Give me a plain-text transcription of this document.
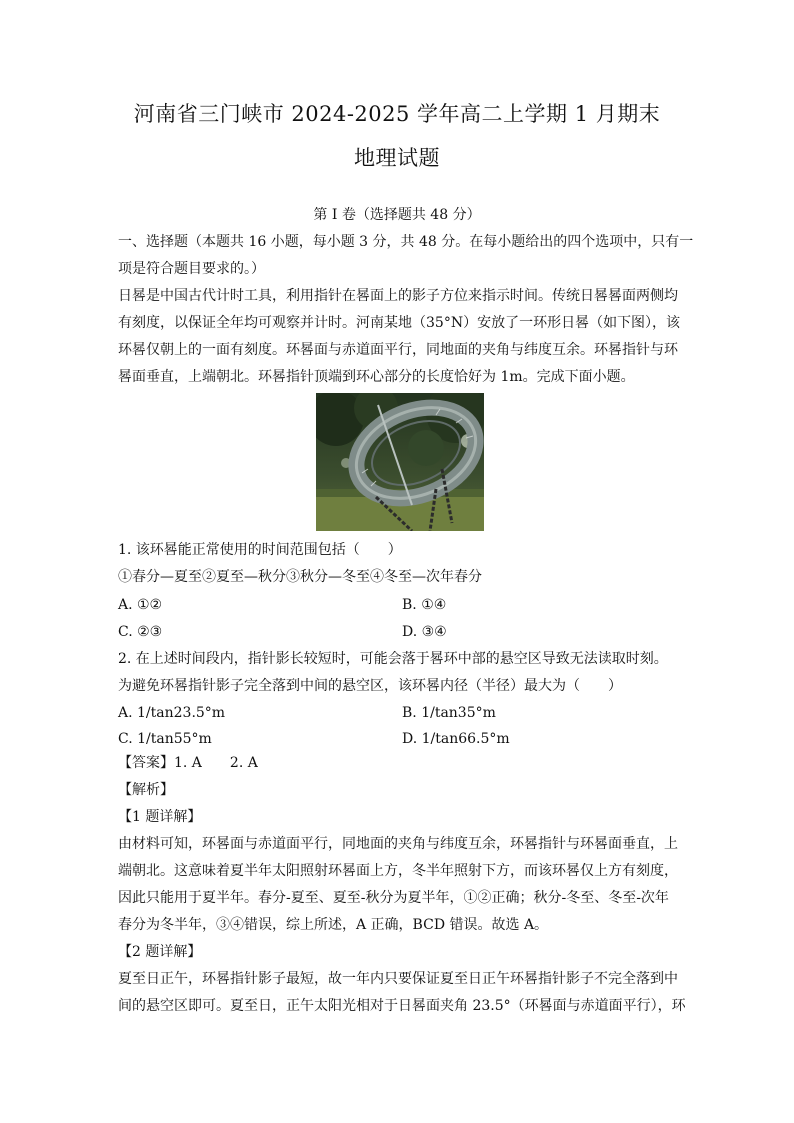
河南省三门峡市 2024-2025 学年高二上学期 1 月期末
地理试题
第 I 卷（选择题共 48 分）
一、选择题（本题共 16 小题，每小题 3 分，共 48 分。在每小题给出的四个选项中，只有一
项是符合题目要求的。）
日晷是中国古代计时工具，利用指针在晷面上的影子方位来指示时间。传统日晷晷面两侧均
有刻度，以保证全年均可观察并计时。河南某地（35°N）安放了一环形日晷（如下图），该
环晷仅朝上的一面有刻度。环晷面与赤道面平行，同地面的夹角与纬度互余。环晷指针与环
晷面垂直，上端朝北。环晷指针顶端到环心部分的长度恰好为 1m。完成下面小题。
1. 该环晷能正常使用的时间范围包括（　　）
①春分—夏至②夏至—秋分③秋分—冬至④冬至—次年春分
A. ①②	B. ①④
C. ②③	D. ③④
2. 在上述时间段内，指针影长较短时，可能会落于晷环中部的悬空区导致无法读取时刻。
为避免环晷指针影子完全落到中间的悬空区，该环晷内径（半径）最大为（　　）
A. 1/tan23.5°m	B. 1/tan35°m
C. 1/tan55°m	D. 1/tan66.5°m
【答案】1. A　　2. A
【解析】
【1 题详解】
由材料可知，环晷面与赤道面平行，同地面的夹角与纬度互余，环晷指针与环晷面垂直，上
端朝北。这意味着夏半年太阳照射环晷面上方，冬半年照射下方，而该环晷仅上方有刻度，
因此只能用于夏半年。春分-夏至、夏至-秋分为夏半年，①②正确；秋分-冬至、冬至-次年
春分为冬半年，③④错误，综上所述，A 正确，BCD 错误。故选 A。
【2 题详解】
夏至日正午，环晷指针影子最短，故一年内只要保证夏至日正午环晷指针影子不完全落到中
间的悬空区即可。夏至日，正午太阳光相对于日晷面夹角 23.5°（环晷面与赤道面平行），环
